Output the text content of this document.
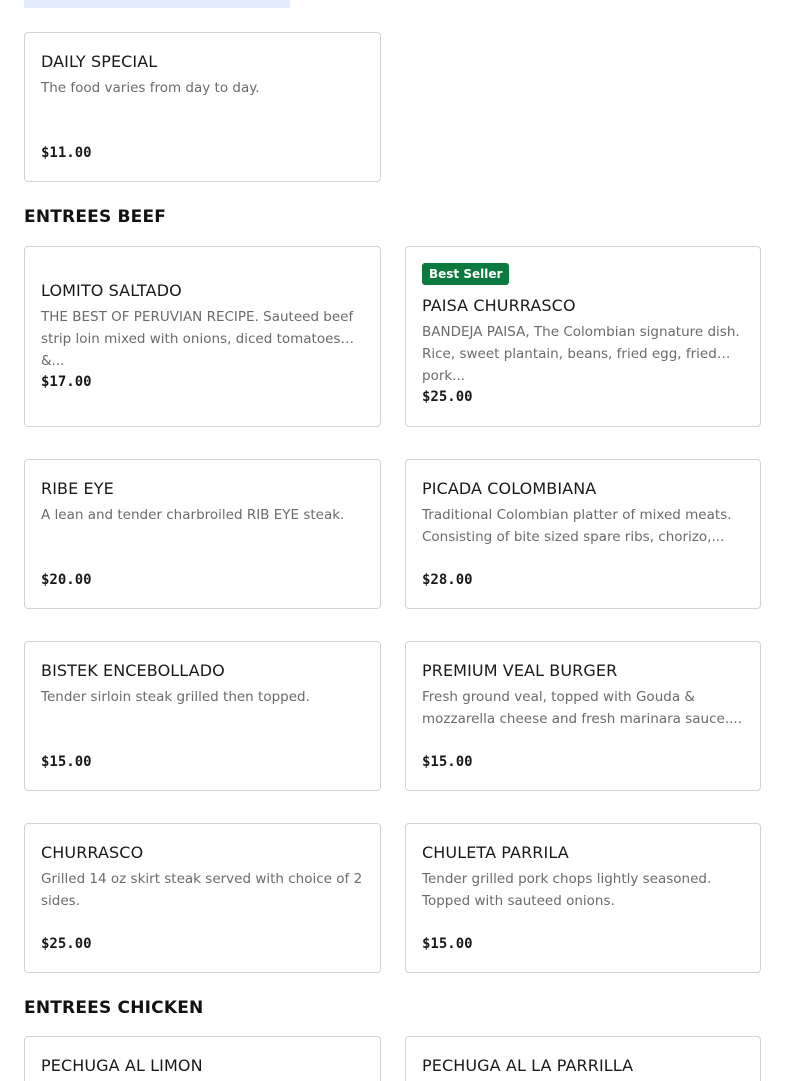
DAILY SPECIAL
The food varies from day to day.
$11.00
ENTREES BEEF
LOMITO SALTADO
THE BEST OF PERUVIAN RECIPE. Sauteed beef strip loin mixed with onions, diced tomatoes &...
$17.00
Best Seller
PAISA CHURRASCO
BANDEJA PAISA, The Colombian signature dish. Rice, sweet plantain, beans, fried egg, fried pork...
$25.00
RIBE EYE
A lean and tender charbroiled RIB EYE steak.
$20.00
PICADA COLOMBIANA
Traditional Colombian platter of mixed meats. Consisting of bite sized spare ribs, chorizo,...
$28.00
BISTEK ENCEBOLLADO
Tender sirloin steak grilled then topped.
$15.00
PREMIUM VEAL BURGER
Fresh ground veal, topped with Gouda & mozzarella cheese and fresh marinara sauce....
$15.00
CHURRASCO
Grilled 14 oz skirt steak served with choice of 2 sides.
$25.00
CHULETA PARRILA
Tender grilled pork chops lightly seasoned. Topped with sauteed onions.
$15.00
ENTREES CHICKEN
PECHUGA AL LIMON	PECHUGA AL LA PARRILLA
